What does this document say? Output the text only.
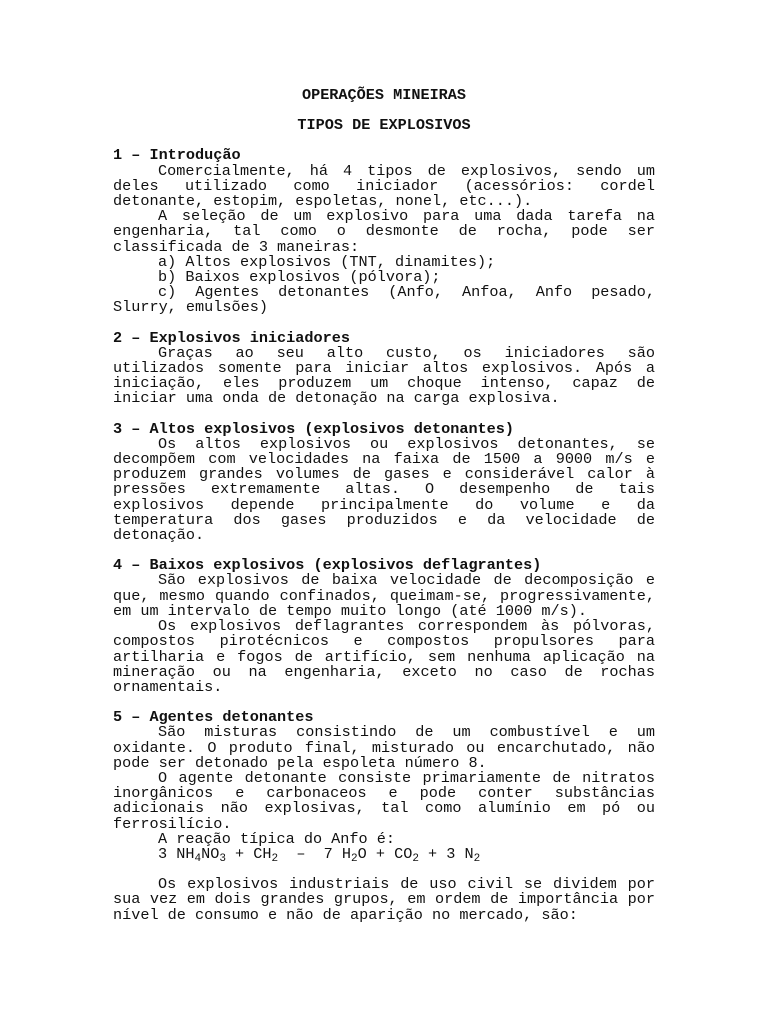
OPERAÇÕES MINEIRAS
TIPOS DE EXPLOSIVOS
1 – Introdução
Comercialmente, há 4 tipos de explosivos, sendo um deles utilizado como iniciador (acessórios: cordel detonante, estopim, espoletas, nonel, etc...).
A seleção de um explosivo para uma dada tarefa na engenharia, tal como o desmonte de rocha, pode ser classificada de 3 maneiras:
a) Altos explosivos (TNT, dinamites);
b) Baixos explosivos (pólvora);
c) Agentes detonantes (Anfo, Anfoa, Anfo pesado, Slurry, emulsões)
2 – Explosivos iniciadores
Graças ao seu alto custo, os iniciadores são utilizados somente para iniciar altos explosivos. Após a iniciação, eles produzem um choque intenso, capaz de iniciar uma onda de detonação na carga explosiva.
3 – Altos explosivos (explosivos detonantes)
Os altos explosivos ou explosivos detonantes, se decompõem com velocidades na faixa de 1500 a 9000 m/s e produzem grandes volumes de gases e considerável calor à pressões extremamente altas. O desempenho de tais explosivos depende principalmente do volume e da temperatura dos gases produzidos e da velocidade de detonação.
4 – Baixos explosivos (explosivos deflagrantes)
São explosivos de baixa velocidade de decomposição e que, mesmo quando confinados, queimam-se, progressivamente, em um intervalo de tempo muito longo (até 1000 m/s).
Os explosivos deflagrantes correspondem às pólvoras, compostos pirotécnicos e compostos propulsores para artilharia e fogos de artifício, sem nenhuma aplicação na mineração ou na engenharia, exceto no caso de rochas ornamentais.
5 – Agentes detonantes
São misturas consistindo de um combustível e um oxidante. O produto final, misturado ou encarchutado, não pode ser detonado pela espoleta número 8.
O agente detonante consiste primariamente de nitratos inorgânicos e carbonaceos e pode conter substâncias adicionais não explosivas, tal como alumínio em pó ou ferrosilício.
A reação típica do Anfo é:
3 $NH_4NO_3 + CH_2 - 7$ $H_2O + CO_2 + 3$ $N_2$
Os explosivos industriais de uso civil se dividem por sua vez em dois grandes grupos, em ordem de importância por nível de consumo e não de aparição no mercado, são:
